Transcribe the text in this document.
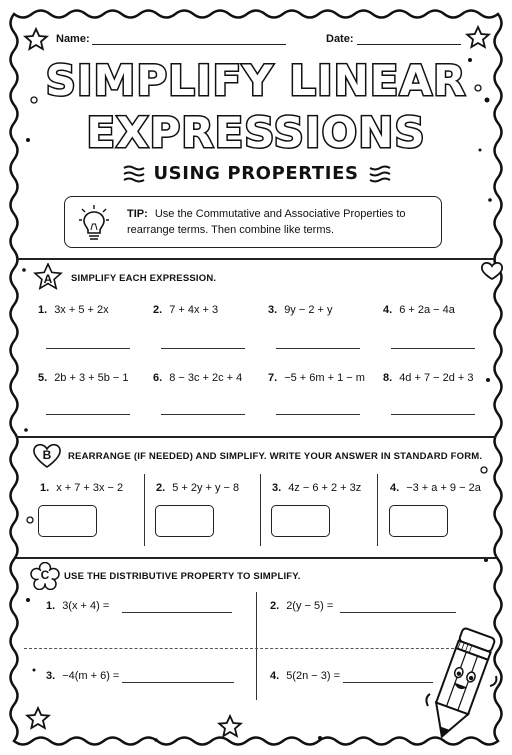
Name:	Date:
SIMPLIFY LINEAR
EXPRESSIONS
USING PROPERTIES
TIP: Use the Commutative and Associative Properties to
rearrange terms. Then combine like terms.
A	SIMPLIFY EACH EXPRESSION.
1. 3x + 5 + 2x	2. 7 + 4x + 3	3. 9y − 2 + y	4. 6 + 2a − 4a
5. 2b + 3 + 5b − 1 6. 8 − 3c + 2c + 4 7. −5 + 6m + 1 − m 8. 4d + 7 − 2d + 3
B	REARRANGE (IF NEEDED) AND SIMPLIFY. WRITE YOUR ANSWER IN STANDARD FORM.
1. x + 7 + 3x − 2	2. 5 + 2y + y − 8	3. 4z − 6 + 2 + 3z	4. −3 + a + 9 − 2a
C	USE THE DISTRIBUTIVE PROPERTY TO SIMPLIFY.
1. 3(x + 4) =	2. 2(y − 5) =
3. −4(m + 6) =	4. 5(2n − 3) =
